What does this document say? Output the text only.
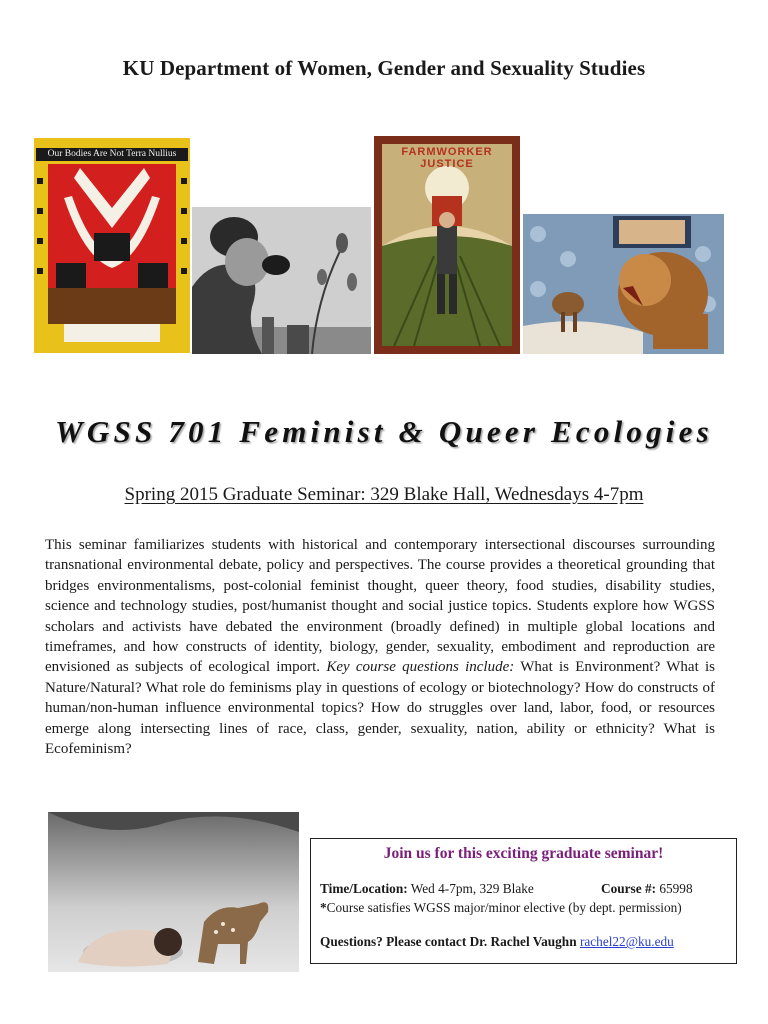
KU Department of Women, Gender and Sexuality Studies
Our Bodies Are Not Terra Nullius	FARMWORKER JUSTICE
WGSS 701 Feminist & Queer Ecologies
Spring 2015 Graduate Seminar: 329 Blake Hall, Wednesdays 4-7pm
This seminar familiarizes students with historical and contemporary intersectional discourses surrounding transnational environmental debate, policy and perspectives. The course provides a theoretical grounding that bridges environmentalisms, post-colonial feminist thought, queer theory, food studies, disability studies, science and technology studies, post/humanist thought and social justice topics. Students explore how WGSS scholars and activists have debated the environment (broadly defined) in multiple global locations and timeframes, and how constructs of identity, biology, gender, sexuality, embodiment and reproduction are envisioned as subjects of ecological import. Key course questions include: What is Environment? What is Nature/Natural? What role do feminisms play in questions of ecology or biotechnology? How do constructs of human/non-human influence environmental topics? How do struggles over land, labor, food, or resources emerge along intersecting lines of race, class, gender, sexuality, nation, ability or ethnicity? What is Ecofeminism?
Join us for this exciting graduate seminar!
Time/Location: Wed 4-7pm, 329 Blake	Course #: 65998
*Course satisfies WGSS major/minor elective (by dept. permission)
Questions? Please contact Dr. Rachel Vaughn rachel22@ku.edu
